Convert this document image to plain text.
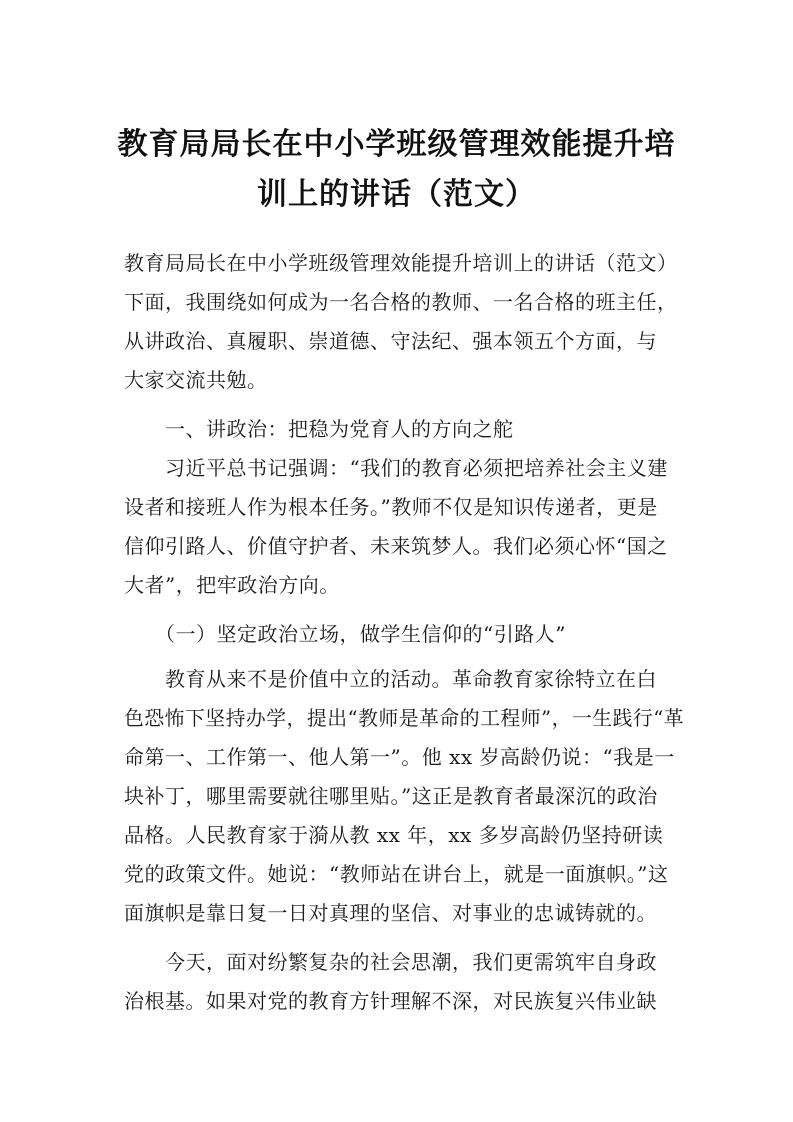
教育局局长在中小学班级管理效能提升培
训上的讲话（范文）
教育局局长在中小学班级管理效能提升培训上的讲话（范文）
下面，我围绕如何成为一名合格的教师、一名合格的班主任，
从讲政治、真履职、崇道德、守法纪、强本领五个方面，与
大家交流共勉。
　　一、讲政治：把稳为党育人的方向之舵
　　习近平总书记强调：“我们的教育必须把培养社会主义建
设者和接班人作为根本任务。”教师不仅是知识传递者，更是
信仰引路人、价值守护者、未来筑梦人。我们必须心怀“国之
大者”，把牢政治方向。
　　（一）坚定政治立场，做学生信仰的“引路人”
　　教育从来不是价值中立的活动。革命教育家徐特立在白
色恐怖下坚持办学，提出“教师是革命的工程师”，一生践行“革
命第一、工作第一、他人第一”。他 xx 岁高龄仍说：“我是一
块补丁，哪里需要就往哪里贴。”这正是教育者最深沉的政治
品格。人民教育家于漪从教 xx 年，xx 多岁高龄仍坚持研读
党的政策文件。她说：“教师站在讲台上，就是一面旗帜。”这
面旗帜是靠日复一日对真理的坚信、对事业的忠诚铸就的。
　　今天，面对纷繁复杂的社会思潮，我们更需筑牢自身政
治根基。如果对党的教育方针理解不深，对民族复兴伟业缺
